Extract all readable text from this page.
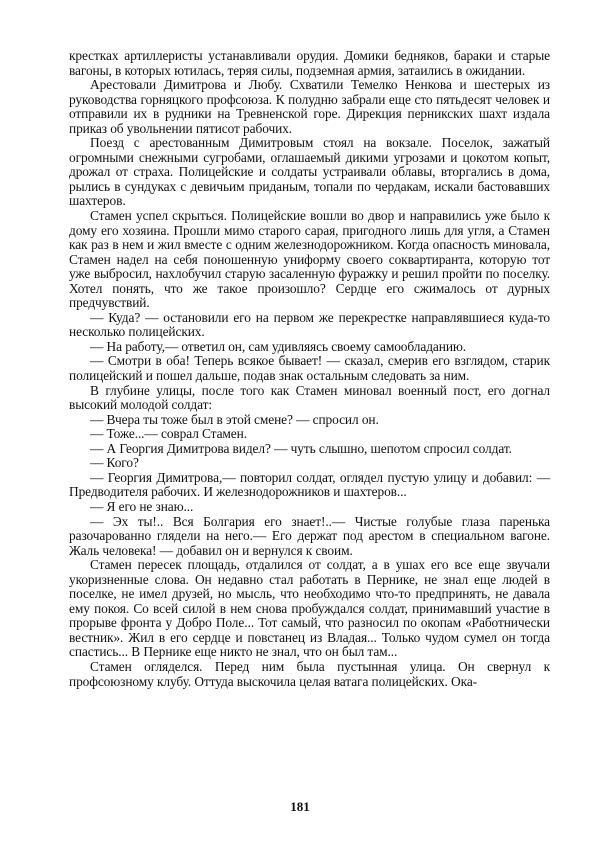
крестках артиллеристы устанавливали орудия. Домики бедняков, бараки и старые вагоны, в которых ютилась, теряя силы, подземная армия, затаились в ожидании.

Арестовали Димитрова и Любу. Схватили Темелко Ненкова и шестерых из руководства горняцкого профсоюза. К полудню забрали еще сто пятьдесят человек и отправили их в рудники на Тревненской горе. Дирекция перникских шахт издала приказ об увольнении пятисот рабочих.

Поезд с арестованным Димитровым стоял на вокзале. Поселок, зажатый огромными снежными сугробами, оглашаемый дикими угрозами и цокотом копыт, дрожал от страха. Полицейские и солдаты устраивали облавы, вторгались в дома, рылись в сундуках с девичьим приданым, топали по чердакам, искали бастовавших шахтеров.

Стамен успел скрыться. Полицейские вошли во двор и направились уже было к дому его хозяина. Прошли мимо старого сарая, пригодного лишь для угля, а Стамен как раз в нем и жил вместе с одним железнодорожником. Когда опасность миновала, Стамен надел на себя поношенную униформу своего соквартиранта, которую тот уже выбросил, нахлобучил старую засаленную фуражку и решил пройти по поселку. Хотел понять, что же такое произошло? Сердце его сжималось от дурных предчувствий.

— Куда? — остановили его на первом же перекрестке направлявшиеся куда-то несколько полицейских.

— На работу,— ответил он, сам удивляясь своему самообладанию.

— Смотри в оба! Теперь всякое бывает! — сказал, смерив его взглядом, старик полицейский и пошел дальше, подав знак остальным следовать за ним.

В глубине улицы, после того как Стамен миновал военный пост, его догнал высокий молодой солдат:

— Вчера ты тоже был в этой смене? — спросил он.

— Тоже...— соврал Стамен.

— А Георгия Димитрова видел? — чуть слышно, шепотом спросил солдат.

— Кого?

— Георгия Димитрова,— повторил солдат, оглядел пустую улицу и добавил: — Предводителя рабочих. И железнодорожников и шахтеров...

— Я его не знаю...

— Эх ты!.. Вся Болгария его знает!..— Чистые голубые глаза паренька разочарованно глядели на него.— Его держат под арестом в специальном вагоне. Жаль человека! — добавил он и вернулся к своим.

Стамен пересек площадь, отдалился от солдат, а в ушах его все еще звучали укоризненные слова. Он недавно стал работать в Пернике, не знал еще людей в поселке, не имел друзей, но мысль, что необходимо что-то предпринять, не давала ему покоя. Со всей силой в нем снова пробуждался солдат, принимавший участие в прорыве фронта у Добро Поле... Тот самый, что разносил по окопам «Работнически вестник». Жил в его сердце и повстанец из Владая... Только чудом сумел он тогда спастись... В Пернике еще никто не знал, что он был там...

Стамен огляделся. Перед ним была пустынная улица. Он свернул к профсоюзному клубу. Оттуда выскочила целая ватага полицейских. Ока-

181
